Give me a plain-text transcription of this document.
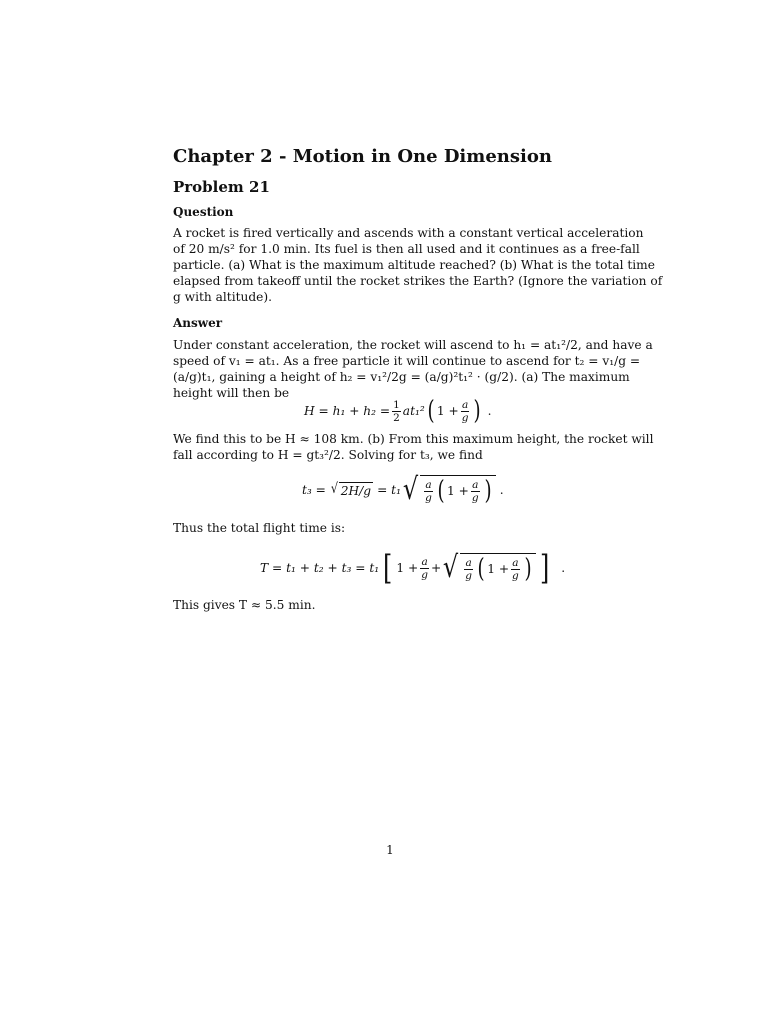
Chapter 2 - Motion in One Dimension
Problem 21
Question
A rocket is fired vertically and ascends with a constant vertical acceleration
of 20 m/s² for 1.0 min. Its fuel is then all used and it continues as a free-fall
particle. (a) What is the maximum altitude reached? (b) What is the total time
elapsed from takeoff until the rocket strikes the Earth? (Ignore the variation of
g with altitude).
Answer
Under constant acceleration, the rocket will ascend to h₁ = at₁²/2, and have a
speed of v₁ = at₁. As a free particle it will continue to ascend for t₂ = v₁/g =
(a/g)t₁, gaining a height of h₂ = v₁²/2g = (a/g)²t₁² · (g/2). (a) The maximum
height will then be
$H = h_1 + h_2 = \frac{1}{2} at_1^2$ ( $1 + \frac{a}{g}$ ) .
We find this to be H ≈ 108 km. (b) From this maximum height, the rocket will
fall according to H = gt₃²/2. Solving for t₃, we find
t₃ = √ 2H/g = t₁ √ $\frac{a}{g}$ ( $1 + \frac{a}{g}$ ) .
Thus the total flight time is:
T = t₁ + t₂ + t₃ = t₁ [ $1 + \frac{a}{g}$ + √ $\frac{a}{g}$ ( $1 + \frac{a}{g}$ ) ] .
This gives T ≈ 5.5 min.
1
